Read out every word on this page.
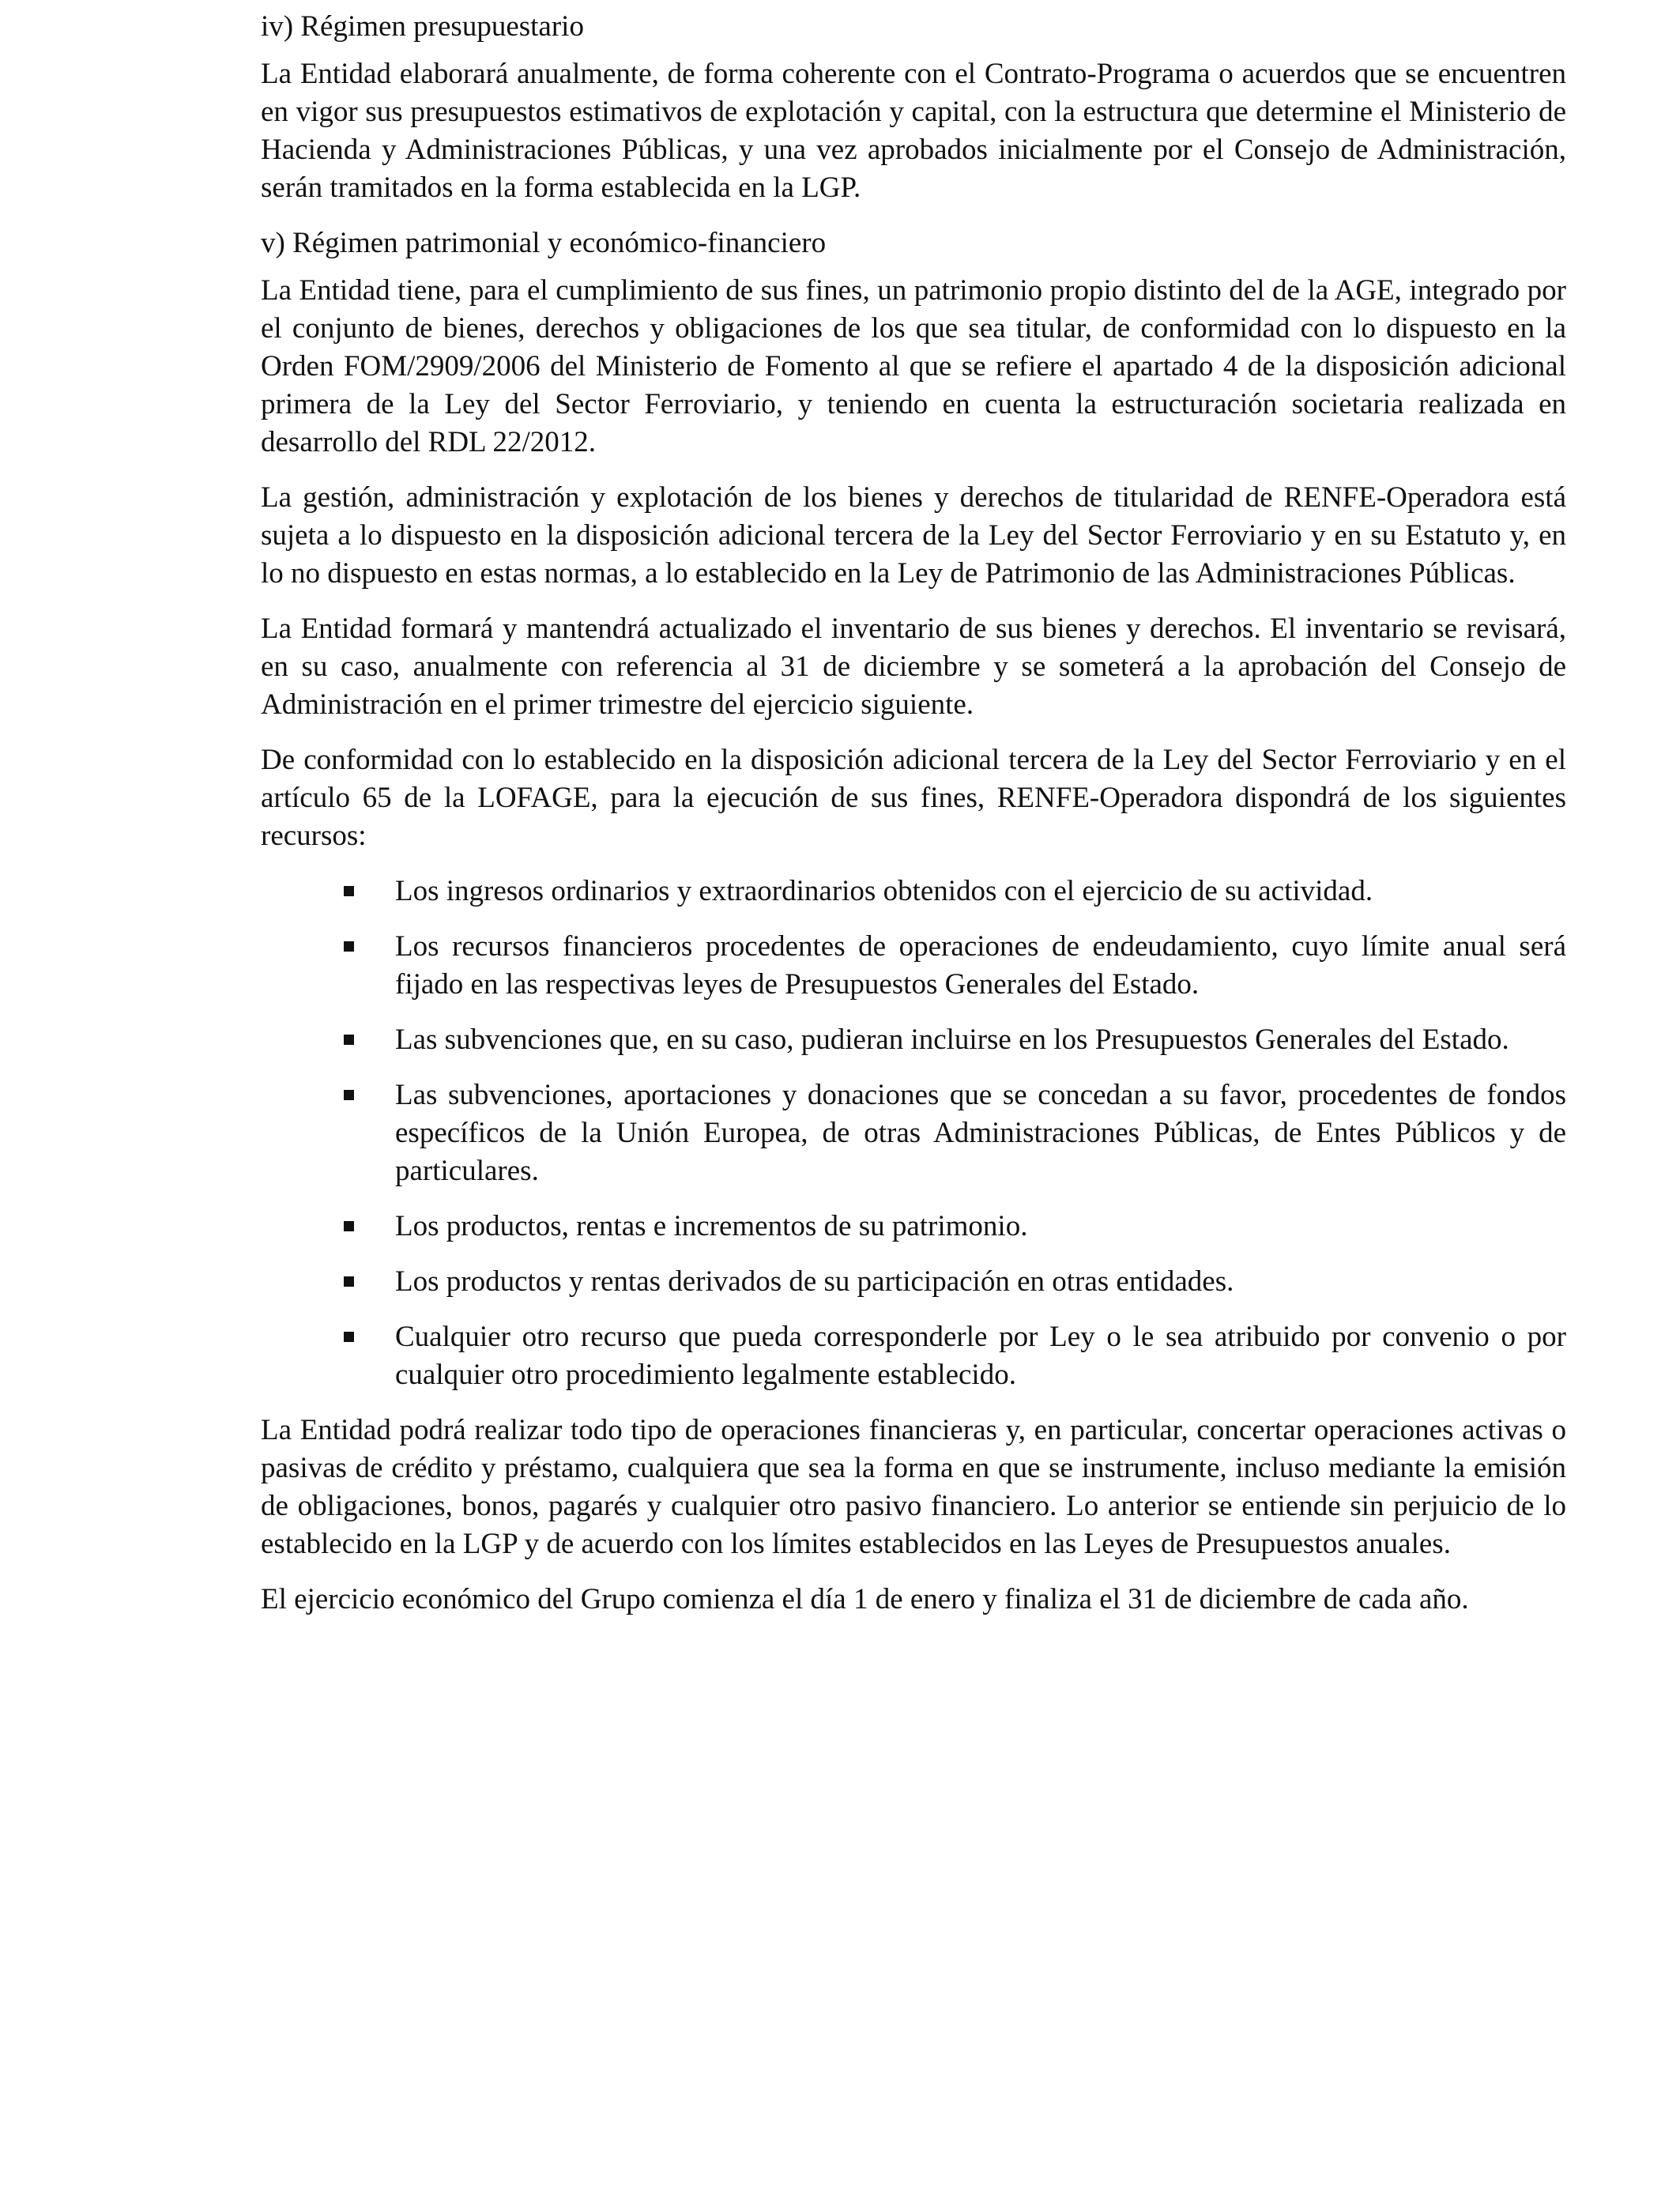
iv) Régimen presupuestario

La Entidad elaborará anualmente, de forma coherente con el Contrato-Programa o acuerdos que se encuentren en vigor sus presupuestos estimativos de explotación y capital, con la estructura que determine el Ministerio de Hacienda y Administraciones Públicas, y una vez aprobados inicialmente por el Consejo de Administración, serán tramitados en la forma establecida en la LGP.

v) Régimen patrimonial y económico-financiero

La Entidad tiene, para el cumplimiento de sus fines, un patrimonio propio distinto del de la AGE, integrado por el conjunto de bienes, derechos y obligaciones de los que sea titular, de conformidad con lo dispuesto en la Orden FOM/2909/2006 del Ministerio de Fomento al que se refiere el apartado 4 de la disposición adicional primera de la Ley del Sector Ferroviario, y teniendo en cuenta la estructuración societaria realizada en desarrollo del RDL 22/2012.

La gestión, administración y explotación de los bienes y derechos de titularidad de RENFE-Operadora está sujeta a lo dispuesto en la disposición adicional tercera de la Ley del Sector Ferroviario y en su Estatuto y, en lo no dispuesto en estas normas, a lo establecido en la Ley de Patrimonio de las Administraciones Públicas.

La Entidad formará y mantendrá actualizado el inventario de sus bienes y derechos. El inventario se revisará, en su caso, anualmente con referencia al 31 de diciembre y se someterá a la aprobación del Consejo de Administración en el primer trimestre del ejercicio siguiente.

De conformidad con lo establecido en la disposición adicional tercera de la Ley del Sector Ferroviario y en el artículo 65 de la LOFAGE, para la ejecución de sus fines, RENFE-Operadora dispondrá de los siguientes recursos:

Los ingresos ordinarios y extraordinarios obtenidos con el ejercicio de su actividad.
Los recursos financieros procedentes de operaciones de endeudamiento, cuyo límite anual será fijado en las respectivas leyes de Presupuestos Generales del Estado.
Las subvenciones que, en su caso, pudieran incluirse en los Presupuestos Generales del Estado.
Las subvenciones, aportaciones y donaciones que se concedan a su favor, procedentes de fondos específicos de la Unión Europea, de otras Administraciones Públicas, de Entes Públicos y de particulares.
Los productos, rentas e incrementos de su patrimonio.
Los productos y rentas derivados de su participación en otras entidades.
Cualquier otro recurso que pueda corresponderle por Ley o le sea atribuido por convenio o por cualquier otro procedimiento legalmente establecido.

La Entidad podrá realizar todo tipo de operaciones financieras y, en particular, concertar operaciones activas o pasivas de crédito y préstamo, cualquiera que sea la forma en que se instrumente, incluso mediante la emisión de obligaciones, bonos, pagarés y cualquier otro pasivo financiero. Lo anterior se entiende sin perjuicio de lo establecido en la LGP y de acuerdo con los límites establecidos en las Leyes de Presupuestos anuales.

El ejercicio económico del Grupo comienza el día 1 de enero y finaliza el 31 de diciembre de cada año.
